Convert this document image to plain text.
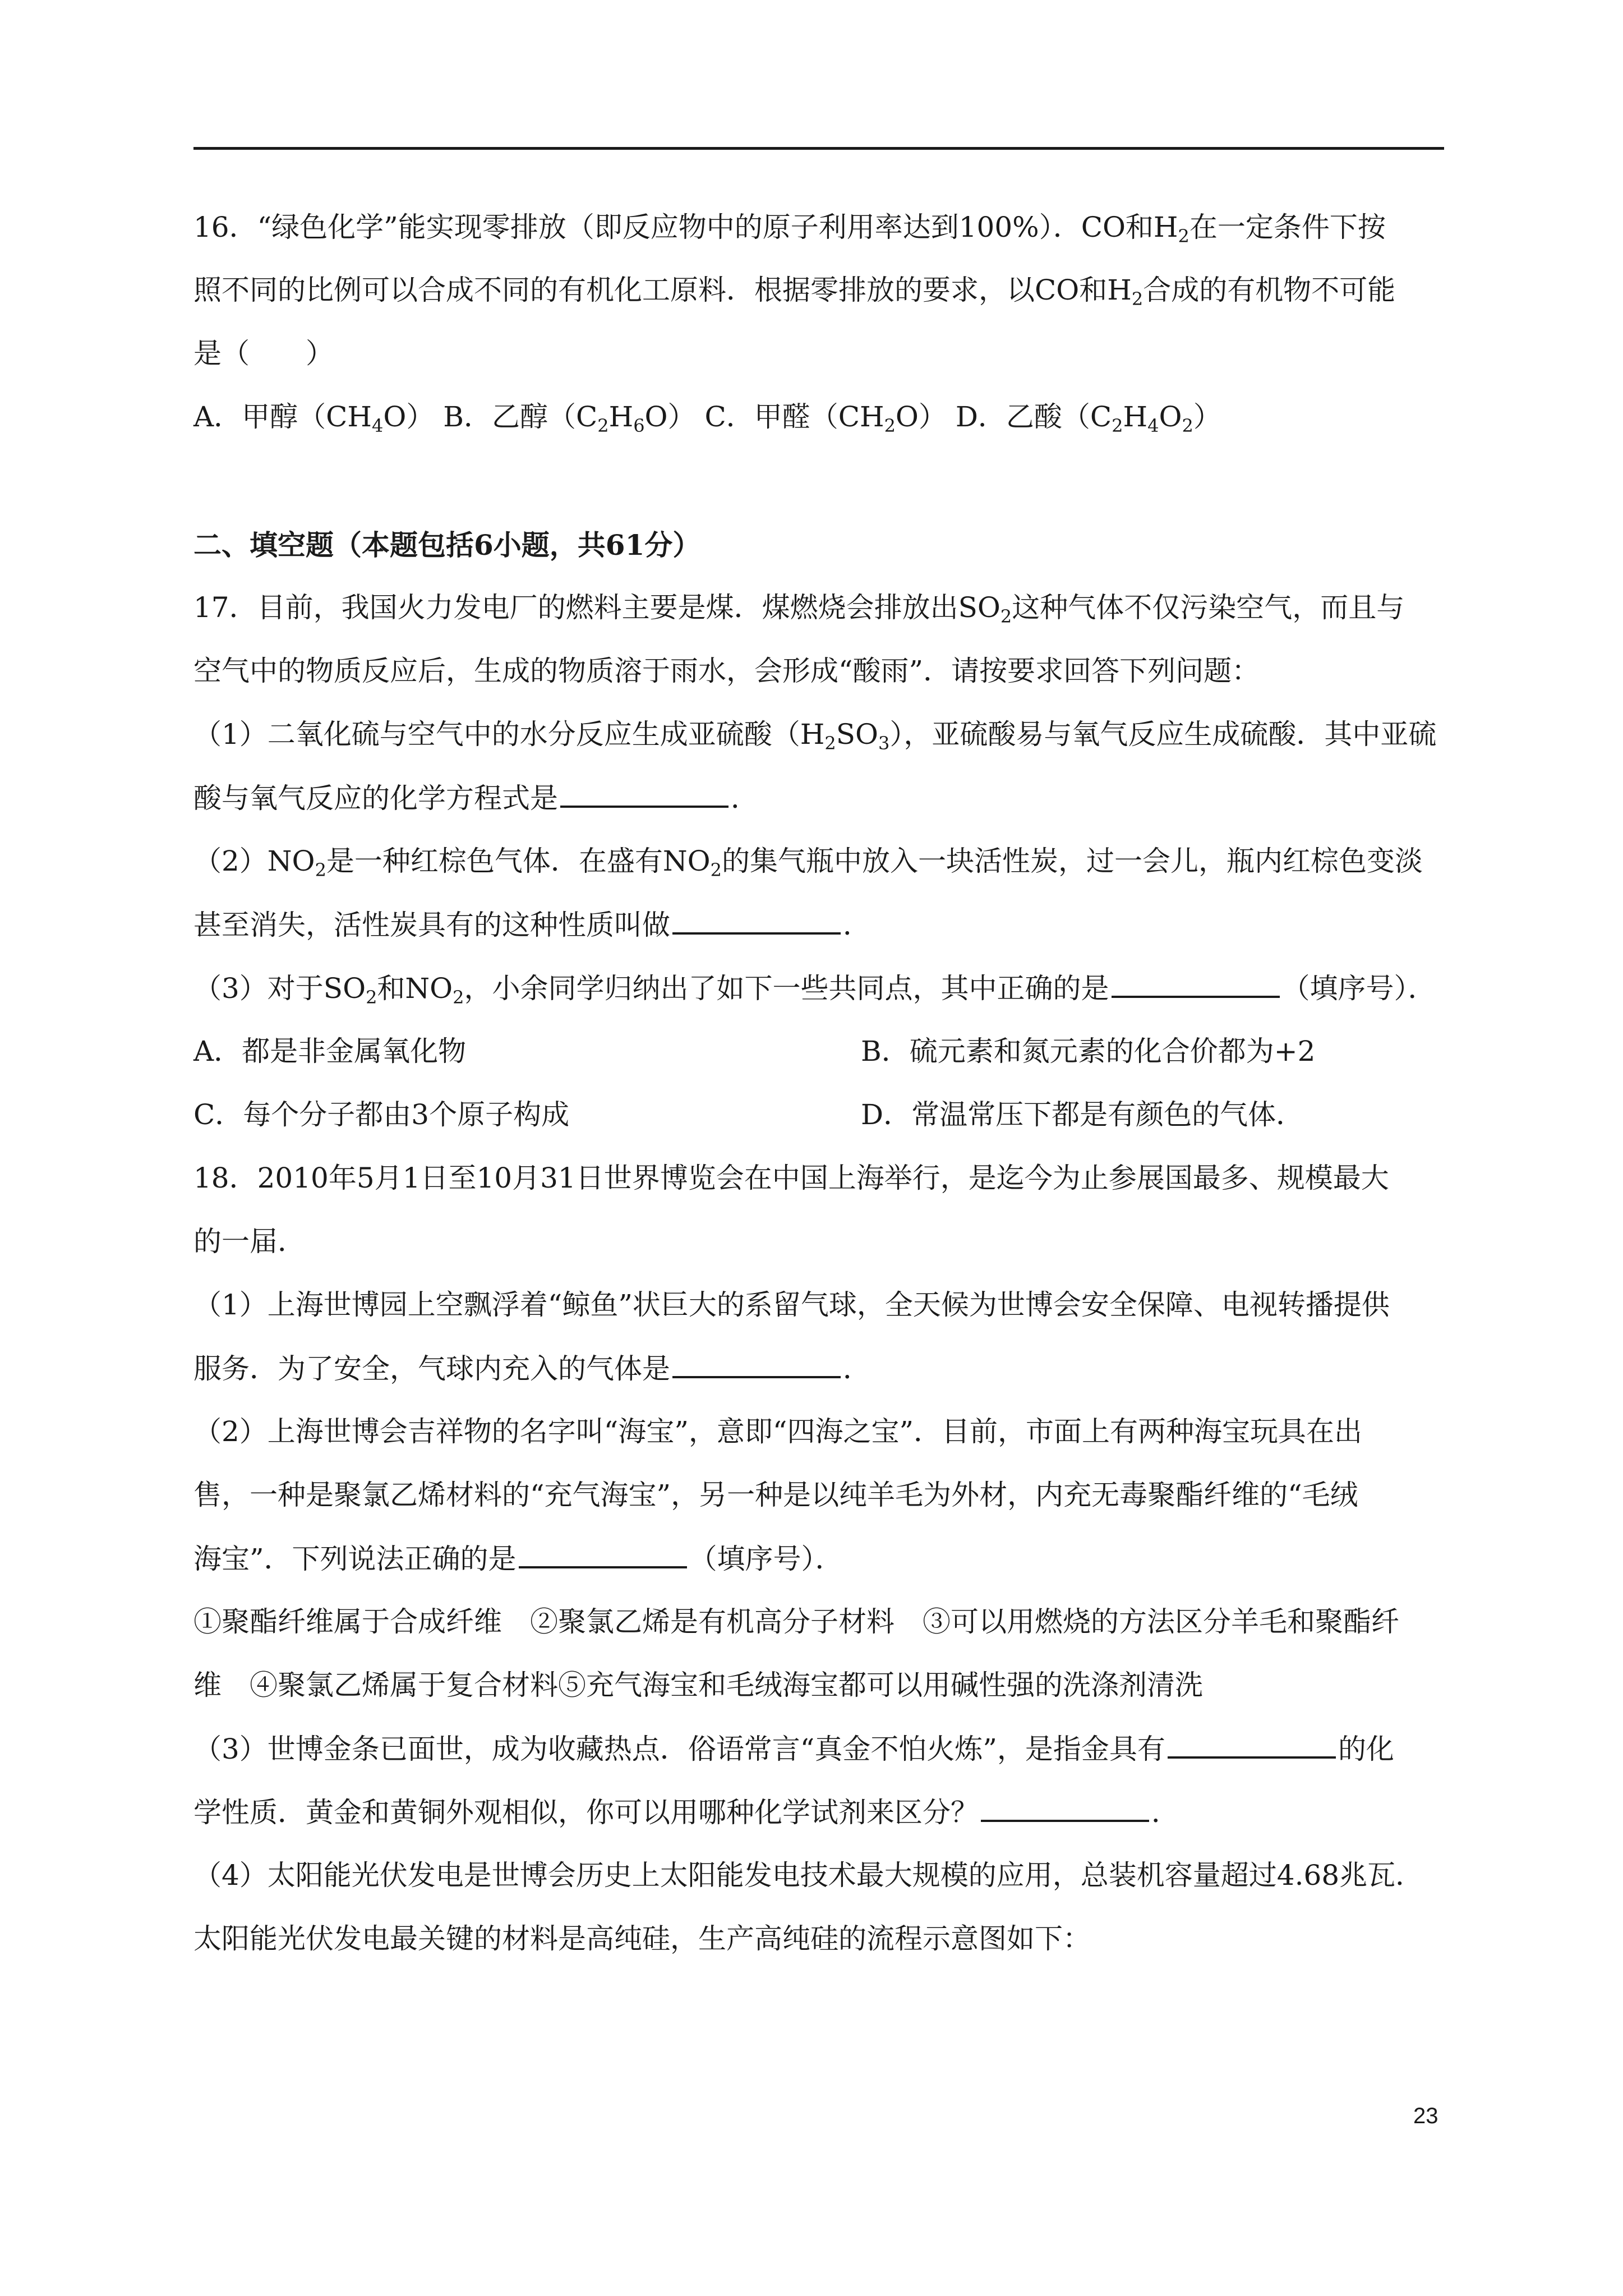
16．“绿色化学”能实现零排放（即反应物中的原子利用率达到100%）．CO和$H_2$在一定条件下按
照不同的比例可以合成不同的有机化工原料．根据零排放的要求，以CO和$H_2$合成的有机物不可能
是（　　）
A．甲醇$(CH_4O)$ B．乙醇$(C_2H_6O)$ C．甲醛$(CH_2O)$ D．乙酸$(C_2H_4O_2)$
二、填空题（本题包括6小题，共61分）
17．目前，我国火力发电厂的燃料主要是煤．煤燃烧会排放出$SO_2$这种气体不仅污染空气，而且与
空气中的物质反应后，生成的物质溶于雨水，会形成“酸雨”．请按要求回答下列问题：
（1）二氧化硫与空气中的水分反应生成亚硫酸$(H_2SO_3)$，亚硫酸易与氧气反应生成硫酸．其中亚硫
酸与氧气反应的化学方程式是	．
$(2)NO_2$是一种红棕色气体．在盛有$NO_2$的集气瓶中放入一块活性炭，过一会儿，瓶内红棕色变淡
甚至消失，活性炭具有的这种性质叫做	．
（3）对于$SO_2$和$NO_2$，小余同学归纳出了如下一些共同点，其中正确的是	（填序号）．
A．都是非金属氧化物	B．硫元素和氮元素的化合价都为+2
C．每个分子都由3个原子构成	D．常温常压下都是有颜色的气体．
18．2010年5月1日至10月31日世界博览会在中国上海举行，是迄今为止参展国最多、规模最大
的一届．
（1）上海世博园上空飘浮着“鲸鱼”状巨大的系留气球，全天候为世博会安全保障、电视转播提供
服务．为了安全，气球内充入的气体是	．
（2）上海世博会吉祥物的名字叫“海宝”，意即“四海之宝”．目前，市面上有两种海宝玩具在出
售，一种是聚氯乙烯材料的“充气海宝”，另一种是以纯羊毛为外材，内充无毒聚酯纤维的“毛绒
海宝”．下列说法正确的是	（填序号）．
①聚酯纤维属于合成纤维　②聚氯乙烯是有机高分子材料　③可以用燃烧的方法区分羊毛和聚酯纤
维　④聚氯乙烯属于复合材料⑤充气海宝和毛绒海宝都可以用碱性强的洗涤剂清洗
（3）世博金条已面世，成为收藏热点．俗语常言“真金不怕火炼”，是指金具有	的化
学性质．黄金和黄铜外观相似，你可以用哪种化学试剂来区分？	．
（4）太阳能光伏发电是世博会历史上太阳能发电技术最大规模的应用，总装机容量超过4.68兆瓦．
太阳能光伏发电最关键的材料是高纯硅，生产高纯硅的流程示意图如下：
23
